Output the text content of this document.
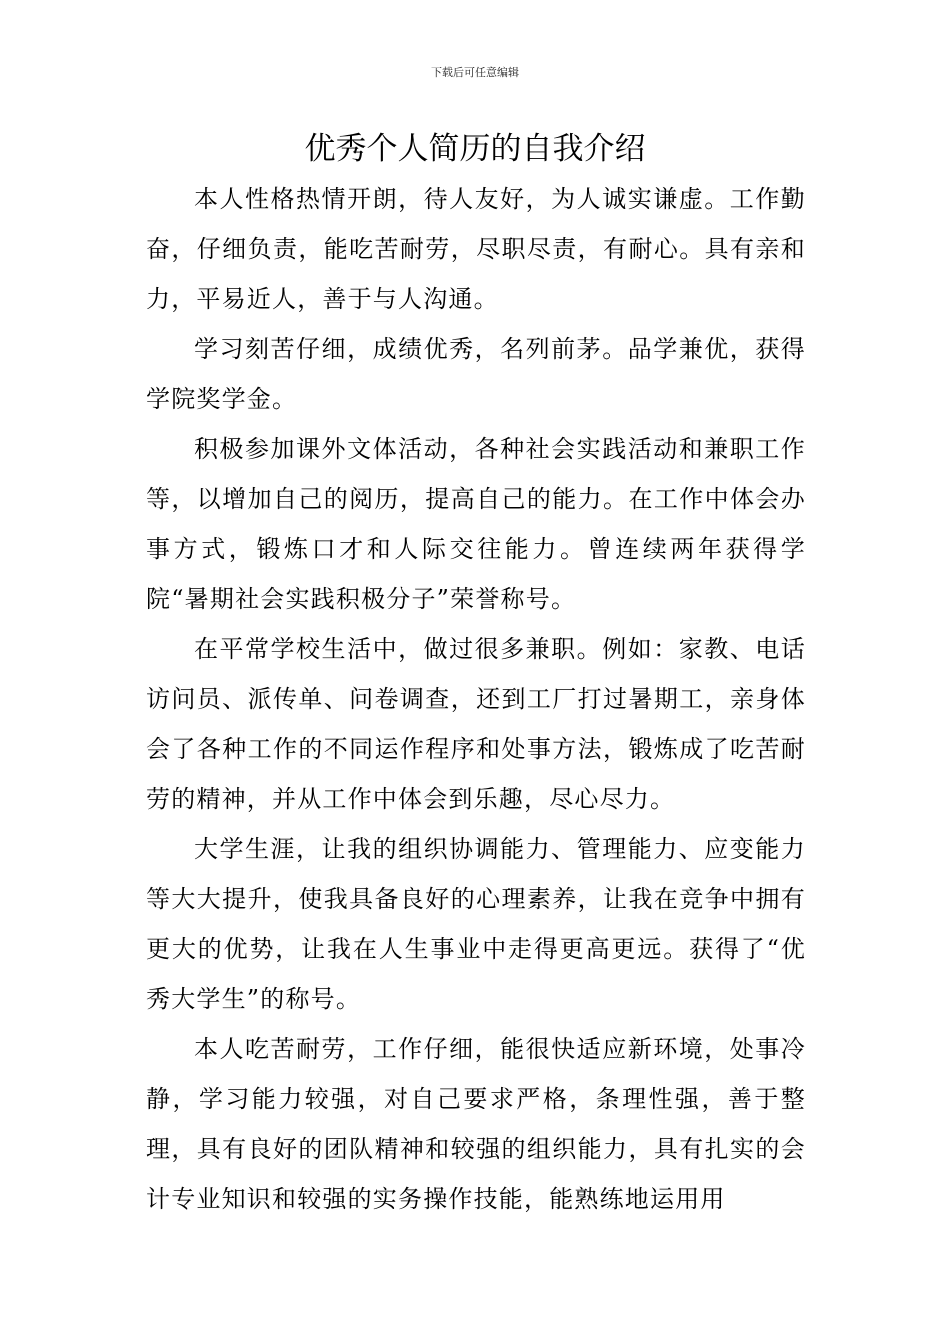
下载后可任意编辑
优秀个人简历的自我介绍

本人性格热情开朗，待人友好，为人诚实谦虚。工作勤奋，仔细负责，能吃苦耐劳，尽职尽责，有耐心。具有亲和力，平易近人，善于与人沟通。

学习刻苦仔细，成绩优秀，名列前茅。品学兼优，获得学院奖学金。

积极参加课外文体活动，各种社会实践活动和兼职工作等，以增加自己的阅历，提高自己的能力。在工作中体会办事方式，锻炼口才和人际交往能力。曾连续两年获得学院“暑期社会实践积极分子”荣誉称号。

在平常学校生活中，做过很多兼职。例如：家教、电话访问员、派传单、问卷调查，还到工厂打过暑期工，亲身体会了各种工作的不同运作程序和处事方法，锻炼成了吃苦耐劳的精神，并从工作中体会到乐趣，尽心尽力。

大学生涯，让我的组织协调能力、管理能力、应变能力等大大提升，使我具备良好的心理素养，让我在竞争中拥有更大的优势，让我在人生事业中走得更高更远。获得了“优秀大学生”的称号。

本人吃苦耐劳，工作仔细，能很快适应新环境，处事冷静，学习能力较强，对自己要求严格，条理性强，善于整理，具有良好的团队精神和较强的组织能力，具有扎实的会计专业知识和较强的实务操作技能，能熟练地运用用
